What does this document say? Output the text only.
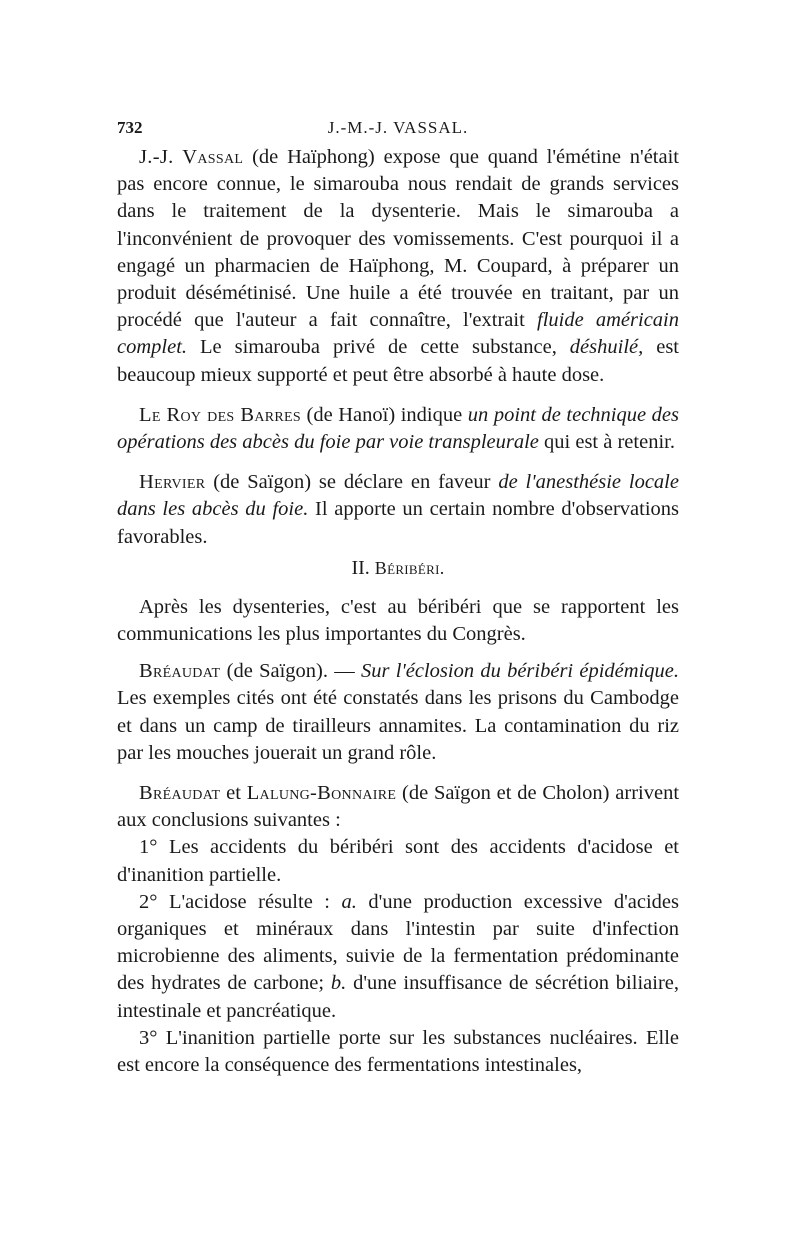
732	J.-M.-J. VASSAL.

J.-J. Vassal (de Haïphong) expose que quand l'émétine n'était pas encore connue, le simarouba nous rendait de grands services dans le traitement de la dysenterie. Mais le simarouba a l'inconvénient de provoquer des vomissements. C'est pourquoi il a engagé un pharmacien de Haïphong, M. Coupard, à préparer un produit désémétinisé. Une huile a été trouvée en traitant, par un procédé que l'auteur a fait connaître, l'extrait fluide américain complet. Le simarouba privé de cette substance, déshuilé, est beaucoup mieux supporté et peut être absorbé à haute dose.

Le Roy des Barres (de Hanoï) indique un point de technique des opérations des abcès du foie par voie transpleurale qui est à retenir.

Hervier (de Saïgon) se déclare en faveur de l'anesthésie locale dans les abcès du foie. Il apporte un certain nombre d'observations favorables.

II. Béribéri.

Après les dysenteries, c'est au béribéri que se rapportent les communications les plus importantes du Congrès.

Bréaudat (de Saïgon). — Sur l'éclosion du béribéri épidémique. Les exemples cités ont été constatés dans les prisons du Cambodge et dans un camp de tirailleurs annamites. La contamination du riz par les mouches jouerait un grand rôle.

Bréaudat et Lalung-Bonnaire (de Saïgon et de Cholon) arrivent aux conclusions suivantes :

1° Les accidents du béribéri sont des accidents d'acidose et d'inanition partielle.

2° L'acidose résulte : a. d'une production excessive d'acides organiques et minéraux dans l'intestin par suite d'infection microbienne des aliments, suivie de la fermentation prédominante des hydrates de carbone; b. d'une insuffisance de sécrétion biliaire, intestinale et pancréatique.

3° L'inanition partielle porte sur les substances nucléaires. Elle est encore la conséquence des fermentations intestinales,
